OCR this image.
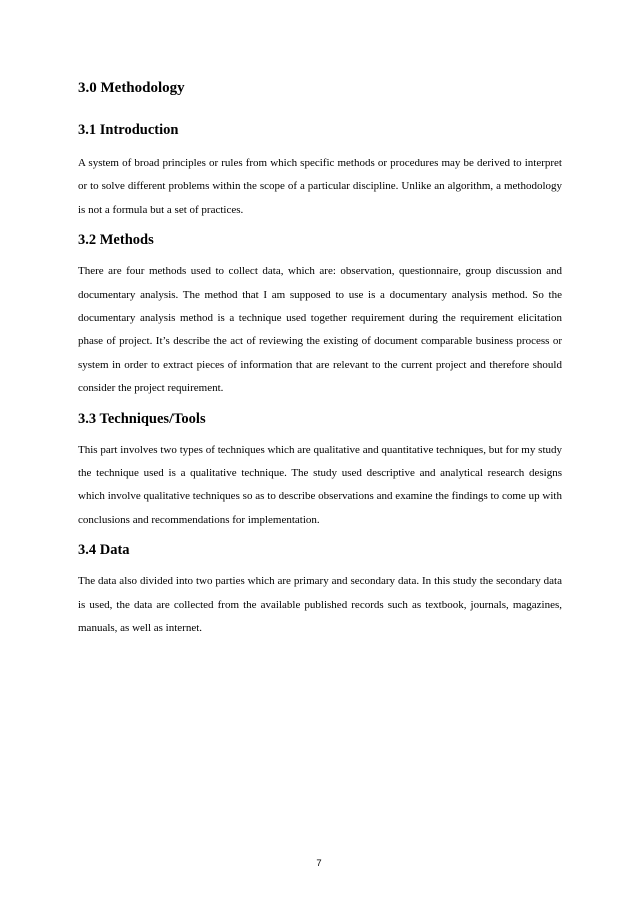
3.0 Methodology
3.1 Introduction

A system of broad principles or rules from which specific methods or procedures may be derived to interpret or to solve different problems within the scope of a particular discipline. Unlike an algorithm, a methodology is not a formula but a set of practices.

3.2 Methods

There are four methods used to collect data, which are: observation, questionnaire, group discussion and documentary analysis. The method that I am supposed to use is a documentary analysis method. So the documentary analysis method is a technique used together requirement during the requirement elicitation phase of project. It’s describe the act of reviewing the existing of document comparable business process or system in order to extract pieces of information that are relevant to the current project and therefore should consider the project requirement.

3.3 Techniques/Tools

This part involves two types of techniques which are qualitative and quantitative techniques, but for my study the technique used is a qualitative technique. The study used descriptive and analytical research designs which involve qualitative techniques so as to describe observations and examine the findings to come up with conclusions and recommendations for implementation.

3.4 Data

The data also divided into two parties which are primary and secondary data. In this study the secondary data is used, the data are collected from the available published records such as textbook, journals, magazines, manuals, as well as internet.

7
